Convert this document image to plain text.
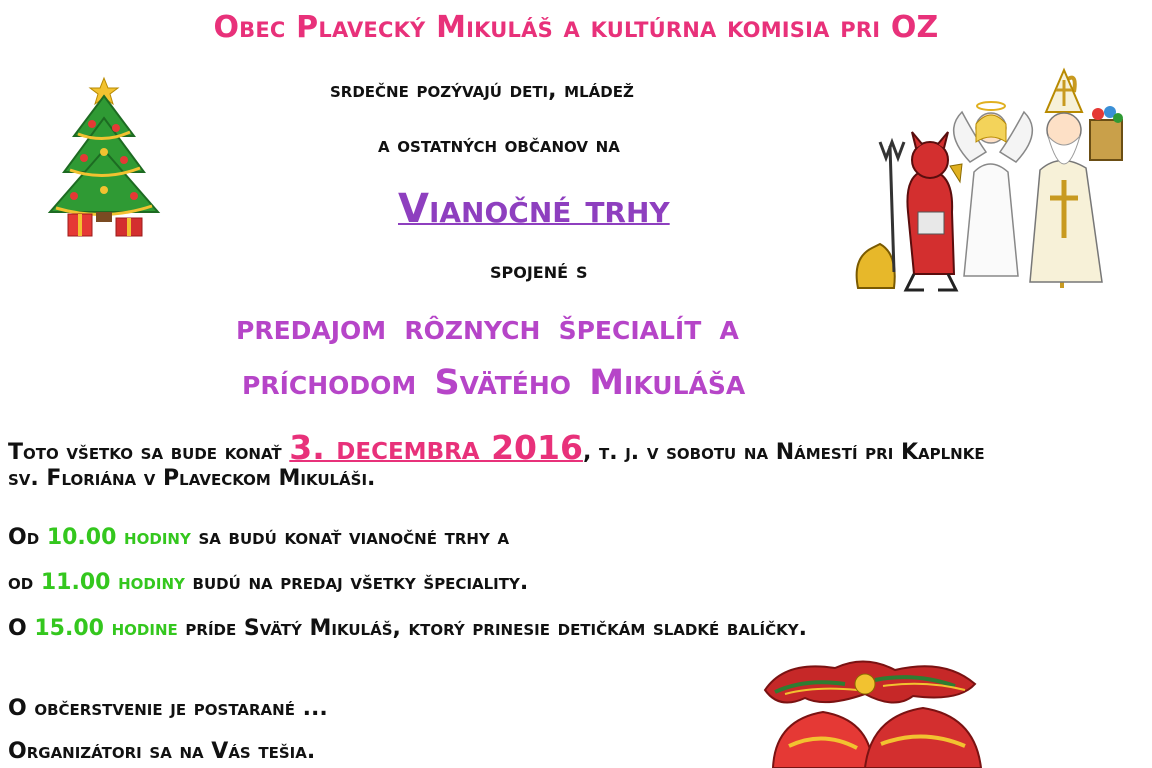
Obec Plavecký Mikuláš a kultúrna komisia pri OZ
srdečne pozývajú deti, mládež
a ostatných občanov na
Vianočné trhy
spojené s
predajom rôznych špecialít a
príchodom Svätého Mikuláša
Toto všetko sa bude konať 3. decembra 2016, t. j. v sobotu na Námestí pri Kaplnke
sv. Floriána v Plaveckom Mikuláši.
Od 10.00 hodiny sa budú konať vianočné trhy a
od 11.00 hodiny budú na predaj všetky špeciality.
O 15.00 hodine príde Svätý Mikuláš, ktorý prinesie detičkám sladké balíčky.
O občerstvenie je postarané ...
Organizátori sa na Vás tešia.
